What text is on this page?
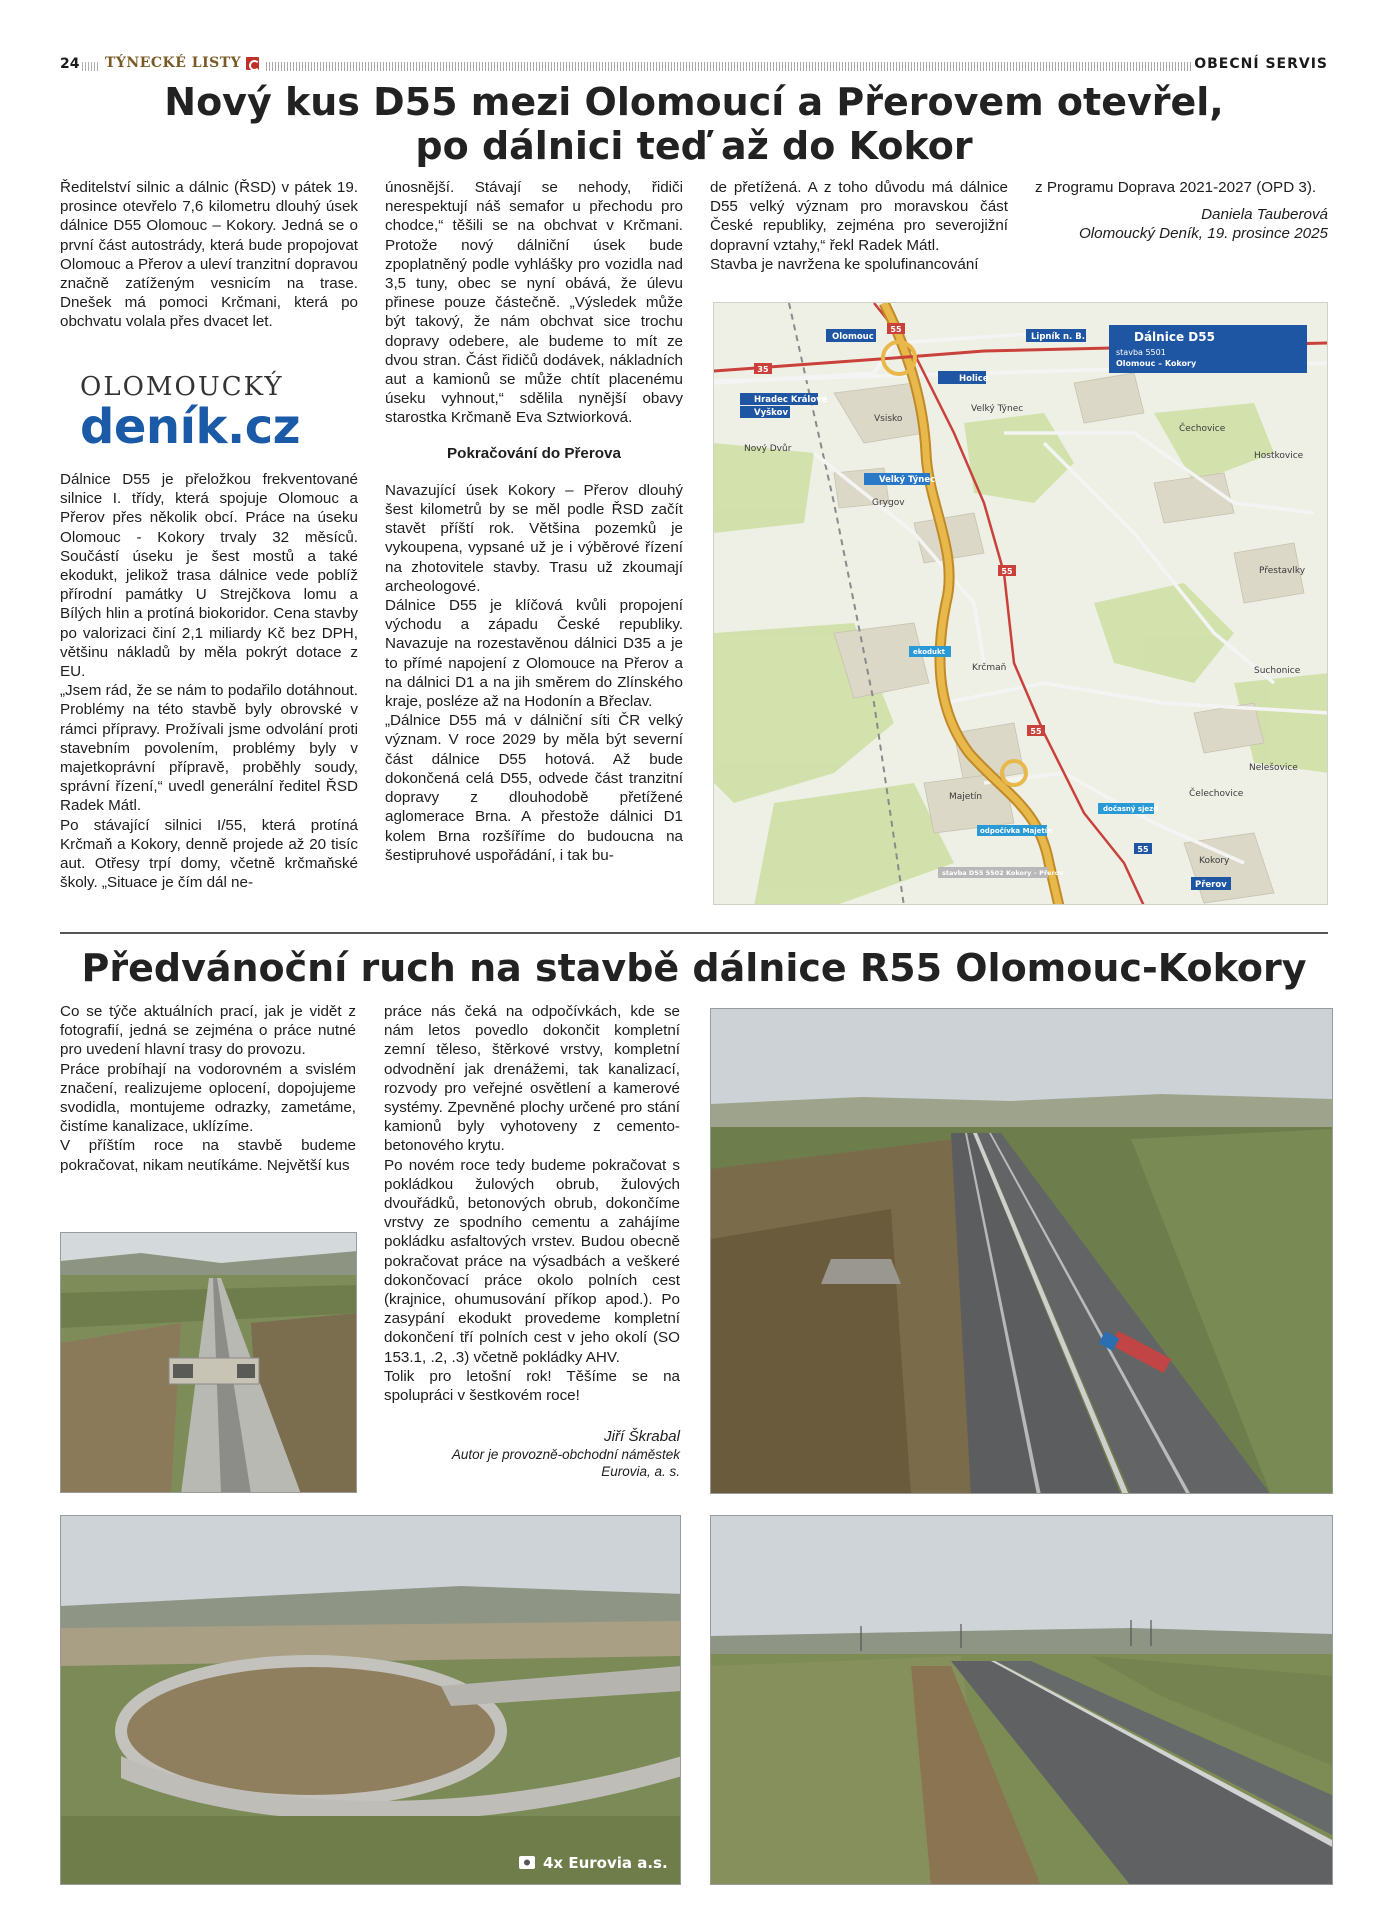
24 TÝNECKÉ LISTY	OBECNÍ SERVIS
Nový kus D55 mezi Olomoucí a Přerovem otevřel,
po dálnici teď až do Kokor

Ředitelství silnic a dálnic (ŘSD) v pátek 19. prosince otevřelo 7,6 kilometru dlouhý úsek dálnice D55 Olomouc – Kokory. Jedná se o první část autostrády, která bude propojovat Olomouc a Přerov a uleví tranzitní dopravou značně zatíženým vesnicím na trase. Dnešek má pomoci Krčmani, která po obchvatu volala přes dvacet let.

OLOMOUCKÝ
deník.cz

Dálnice D55 je přeložkou frekventované silnice I. třídy, která spojuje Olomouc a Přerov přes několik obcí. Práce na úseku Olomouc - Kokory trvaly 32 měsíců. Součástí úseku je šest mostů a také ekodukt, jelikož trasa dálnice vede poblíž přírodní památky U Strejčkova lomu a Bílých hlin a protíná biokoridor. Cena stavby po valorizaci činí 2,1 miliardy Kč bez DPH, většinu nákladů by měla pokrýt dotace z EU.

„Jsem rád, že se nám to podařilo dotáhnout. Problémy na této stavbě byly obrovské v rámci přípravy. Prožívali jsme odvolání proti stavebním povolením, problémy byly v majetkoprávní přípravě, proběhly soudy, správní řízení,“ uvedl generální ředitel ŘSD Radek Mátl.

Po stávající silnici I/55, která protíná Krčmaň a Kokory, denně projede až 20 tisíc aut. Otřesy trpí domy, včetně krčmaňské školy. „Situace je čím dál ne-

únosnější. Stávají se nehody, řidiči nerespektují náš semafor u přechodu pro chodce,“ těšili se na obchvat v Krčmani. Protože nový dálniční úsek bude zpoplatněný podle vyhlášky pro vozidla nad 3,5 tuny, obec se nyní obává, že úlevu přinese pouze částečně. „Výsledek může být takový, že nám obchvat sice trochu dopravy odebere, ale budeme to mít ze dvou stran. Část řidičů dodávek, nákladních aut a kamionů se může chtít placenému úseku vyhnout,“ sdělila nynější obavy starostka Krčmaně Eva Sztwiorková.

Pokračování do Přerova

Navazující úsek Kokory – Přerov dlouhý šest kilometrů by se měl podle ŘSD začít stavět příští rok. Většina pozemků je vykoupena, vypsané už je i výběrové řízení na zhotovitele stavby. Trasu už zkoumají archeologové.

Dálnice D55 je klíčová kvůli propojení východu a západu České republiky. Navazuje na rozestavěnou dálnici D35 a je to přímé napojení z Olomouce na Přerov a na dálnici D1 a na jih směrem do Zlínského kraje, posléze až na Hodonín a Břeclav.

„Dálnice D55 má v dálniční síti ČR velký význam. V roce 2029 by měla být severní část dálnice D55 hotová. Až bude dokončená celá D55, odvede část tranzitní dopravy z dlouhodobě přetížené aglomerace Brna. A přestože dálnici D1 kolem Brna rozšíříme do budoucna na šestipruhové uspořádání, i tak bu-

de přetížená. A z toho důvodu má dálnice D55 velký význam pro moravskou část České republiky, zejména pro severojižní dopravní vztahy,“ řekl Radek Mátl.

Stavba je navržena ke spolufinancování

z Programu Doprava 2021-2027 (OPD 3).

Daniela Tauberová

Olomoucký Deník, 19. prosince 2025

55
35
55
55
55
Olomouc	Lipník n. B.
Holice
Hradec Králové
Vyškov
Velký Týnec
ekodukt
odpočívka Majetín
dočasný sjezd
Přerov
stavba D55 5502 Kokory – Přerov
Dálnice D55
stavba 5501
Olomouc – Kokory
Vsisko
Velký Týnec
Nový Dvůr
Grygov
Čechovice
Hostkovice
Přestavlky
Krčmaň	Suchonice
Nelešovice
Majetín	Čelechovice
Kokory
Předvánoční ruch na stavbě dálnice R55 Olomouc-Kokory

Co se týče aktuálních prací, jak je vidět z fotografií, jedná se zejména o práce nutné pro uvedení hlavní trasy do provozu.

Práce probíhají na vodorovném a svislém značení, realizujeme oplocení, dopojujeme svodidla, montujeme odrazky, zametáme, čistíme kanalizace, uklízíme.

V příštím roce na stavbě budeme pokračovat, nikam neutíkáme. Největší kus

práce nás čeká na odpočívkách, kde se nám letos povedlo dokončit kompletní zemní těleso, štěrkové vrstvy, kompletní odvodnění jak drenážemi, tak kanalizací, rozvody pro veřejné osvětlení a kamerové systémy. Zpevněné plochy určené pro stání kamionů byly vyhotoveny z cemento-betonového krytu.

Po novém roce tedy budeme pokračovat s pokládkou žulových obrub, žulových dvouřádků, betonových obrub, dokončíme vrstvy ze spodního cementu a zahájíme pokládku asfaltových vrstev. Budou obecně pokračovat práce na výsadbách a veškeré dokončovací práce okolo polních cest (krajnice, ohumusování příkop apod.). Po zasypání ekodukt provedeme kompletní dokončení tří polních cest v jeho okolí (SO 153.1, .2, .3) včetně pokládky AHV.

Tolik pro letošní rok! Těšíme se na spolupráci v šestkovém roce!

Jiří Škrabal

Autor je provozně-obchodní náměstek

Eurovia, a. s.

4x Eurovia a.s.
